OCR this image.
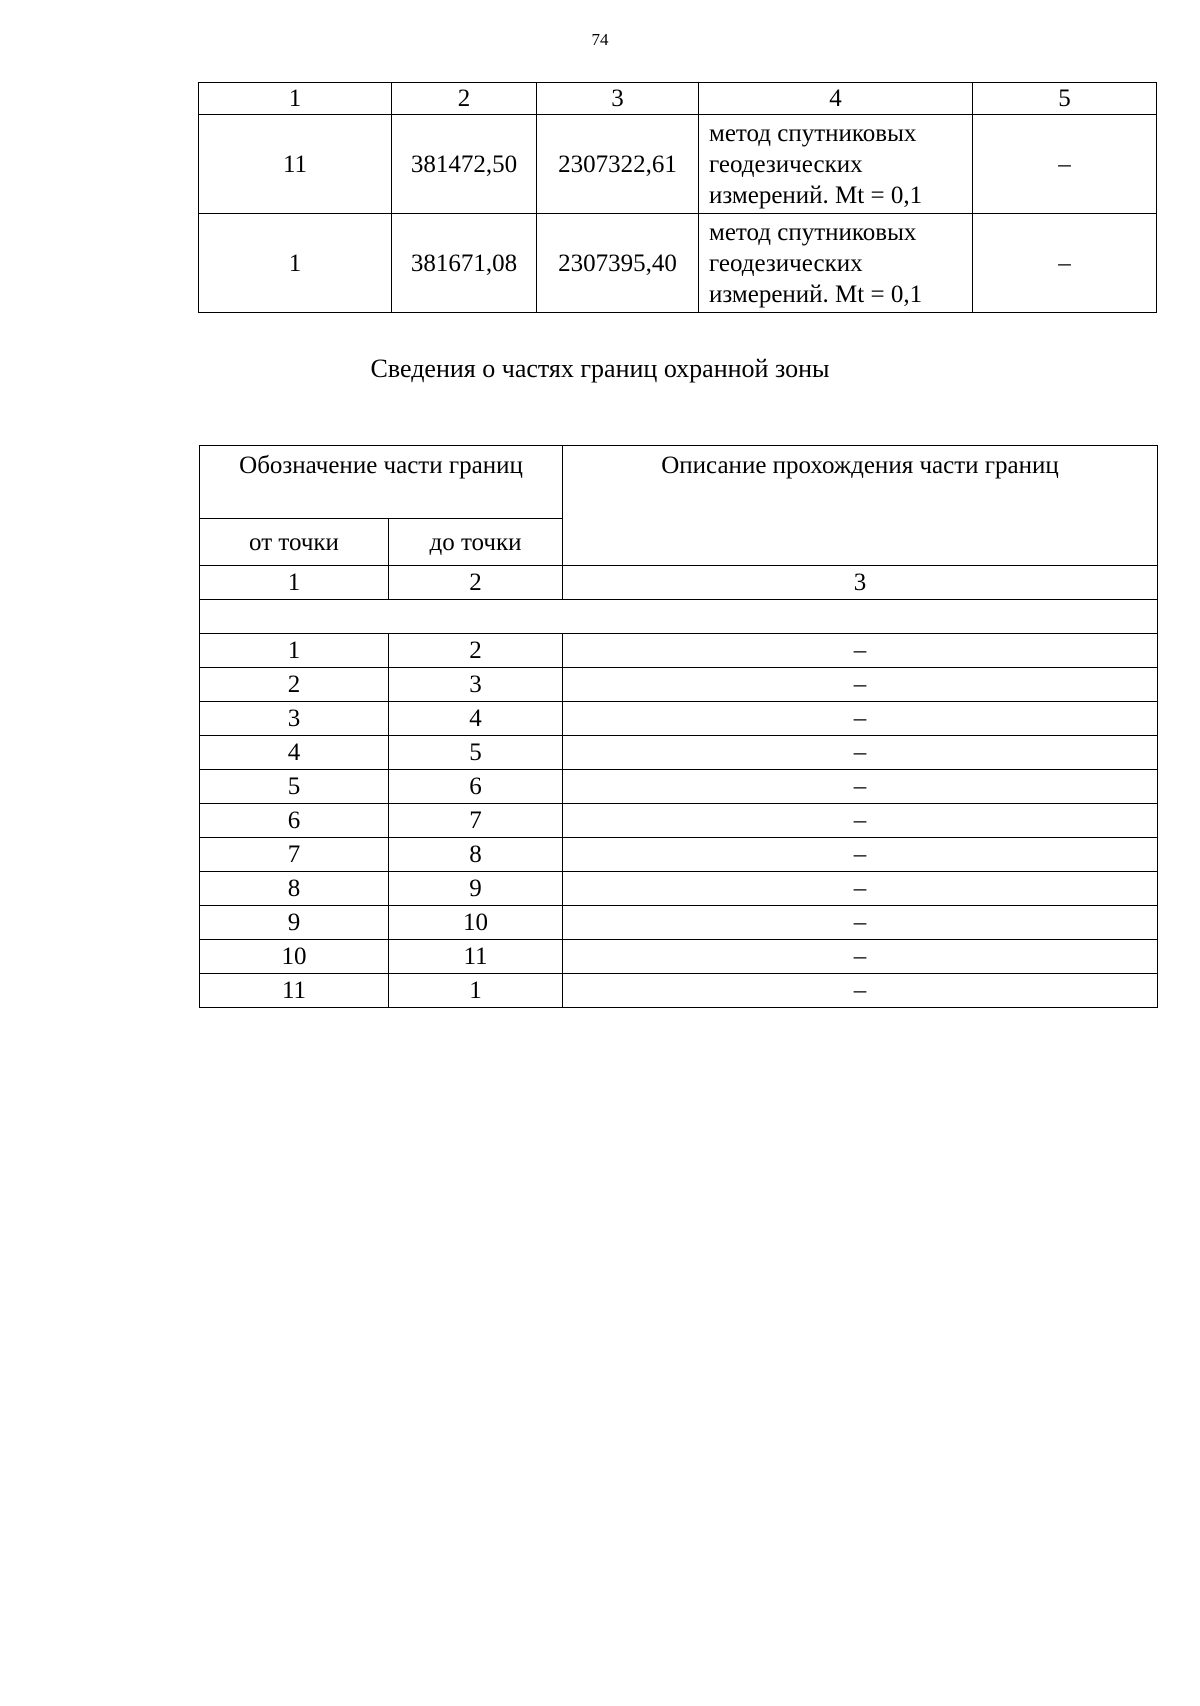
74
1	2	3	4	5
11	381472,50	2307322,61	метод спутниковых
геодезических
измерений. Mt = 0,1	–
1	381671,08	2307395,40	метод спутниковых
геодезических
измерений. Mt = 0,1	–
Сведения о частях границ охранной зоны
Обозначение части границ		Описание прохождения части границ
от точки	до точки	
1	2	3

1	2	–
2	3	–
3	4	–
4	5	–
5	6	–
6	7	–
7	8	–
8	9	–
9	10	–
10	11	–
11	1	–
